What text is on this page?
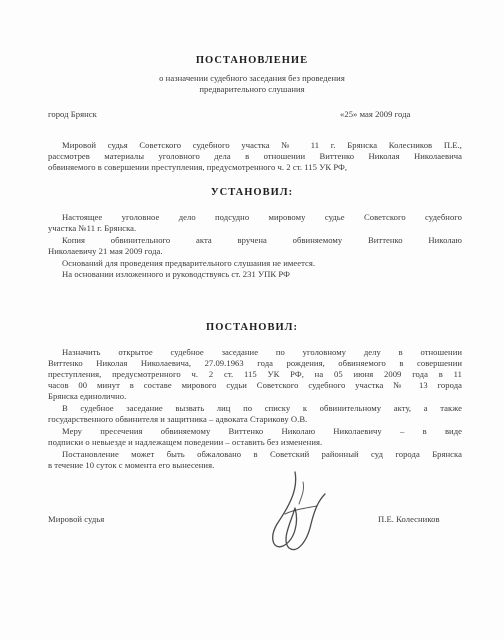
ПОСТАНОВЛЕНИЕ
о назначении судебного заседания без проведения
предварительного слушания
город Брянск	«25» мая 2009 года
Мировой судья Советского судебного участка № 11 г. Брянска Колесников П.Е.,
рассмотрев материалы уголовного дела в отношении Виттенко Николая Николаевича
обвиняемого в совершении преступления, предусмотренного ч. 2 ст. 115 УК РФ,
УСТАНОВИЛ:
Настоящее уголовное дело подсудно мировому судье Советского судебного
участка №11 г. Брянска.
Копия обвинительного акта вручена обвиняемому Виттенко Николаю
Николаевичу 21 мая 2009 года.
Оснований для проведения предварительного слушания не имеется.
На основании изложенного и руководствуясь ст. 231 УПК РФ
ПОСТАНОВИЛ:
Назначить открытое судебное заседание по уголовному делу в отношении
Виттенко Николая Николаевича, 27.09.1963 года рождения, обвиняемого в совершении
преступления, предусмотренного ч. 2 ст. 115 УК РФ, на 05 июня 2009 года в 11
часов 00 минут в составе мирового судьи Советского судебного участка № 13 города
Брянска единолично.
В судебное заседание вызвать лиц по списку к обвинительному акту, а также
государственного обвинителя и защитника – адвоката Старикову О.В.
Меру пресечения обвиняемому Виттенко Николаю Николаевичу – в виде
подписки о невыезде и надлежащем поведении – оставить без изменения.
Постановление может быть обжаловано в Советский районный суд города Брянска
в течение 10 суток с момента его вынесения.
Мировой судья	П.Е. Колесников
